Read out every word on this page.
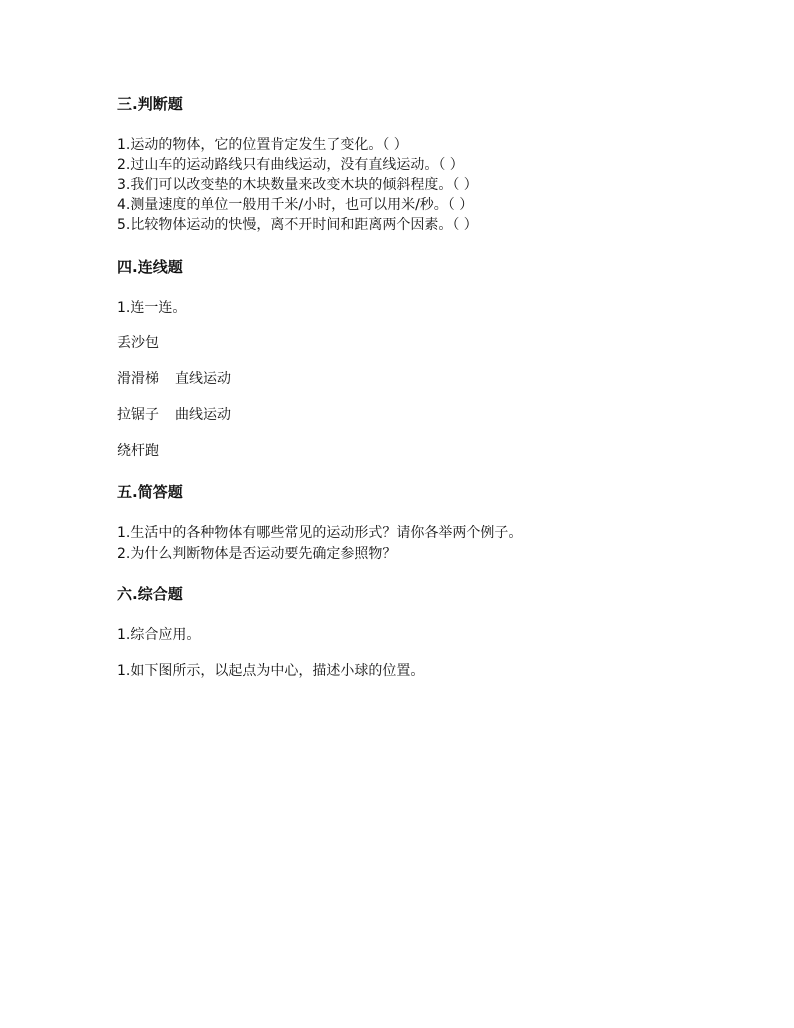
三.判断题
1.运动的物体，它的位置肯定发生了变化。（ ）
2.过山车的运动路线只有曲线运动，没有直线运动。（ ）
3.我们可以改变垫的木块数量来改变木块的倾斜程度。（ ）
4.测量速度的单位一般用千米/小时，也可以用米/秒。（ ）
5.比较物体运动的快慢，离不开时间和距离两个因素。（ ）
四.连线题
1.连一连。
丢沙包
滑滑梯 直线运动
拉锯子 曲线运动
绕杆跑
五.简答题
1.生活中的各种物体有哪些常见的运动形式？请你各举两个例子。
2.为什么判断物体是否运动要先确定参照物？
六.综合题
1.综合应用。
1.如下图所示，以起点为中心，描述小球的位置。
